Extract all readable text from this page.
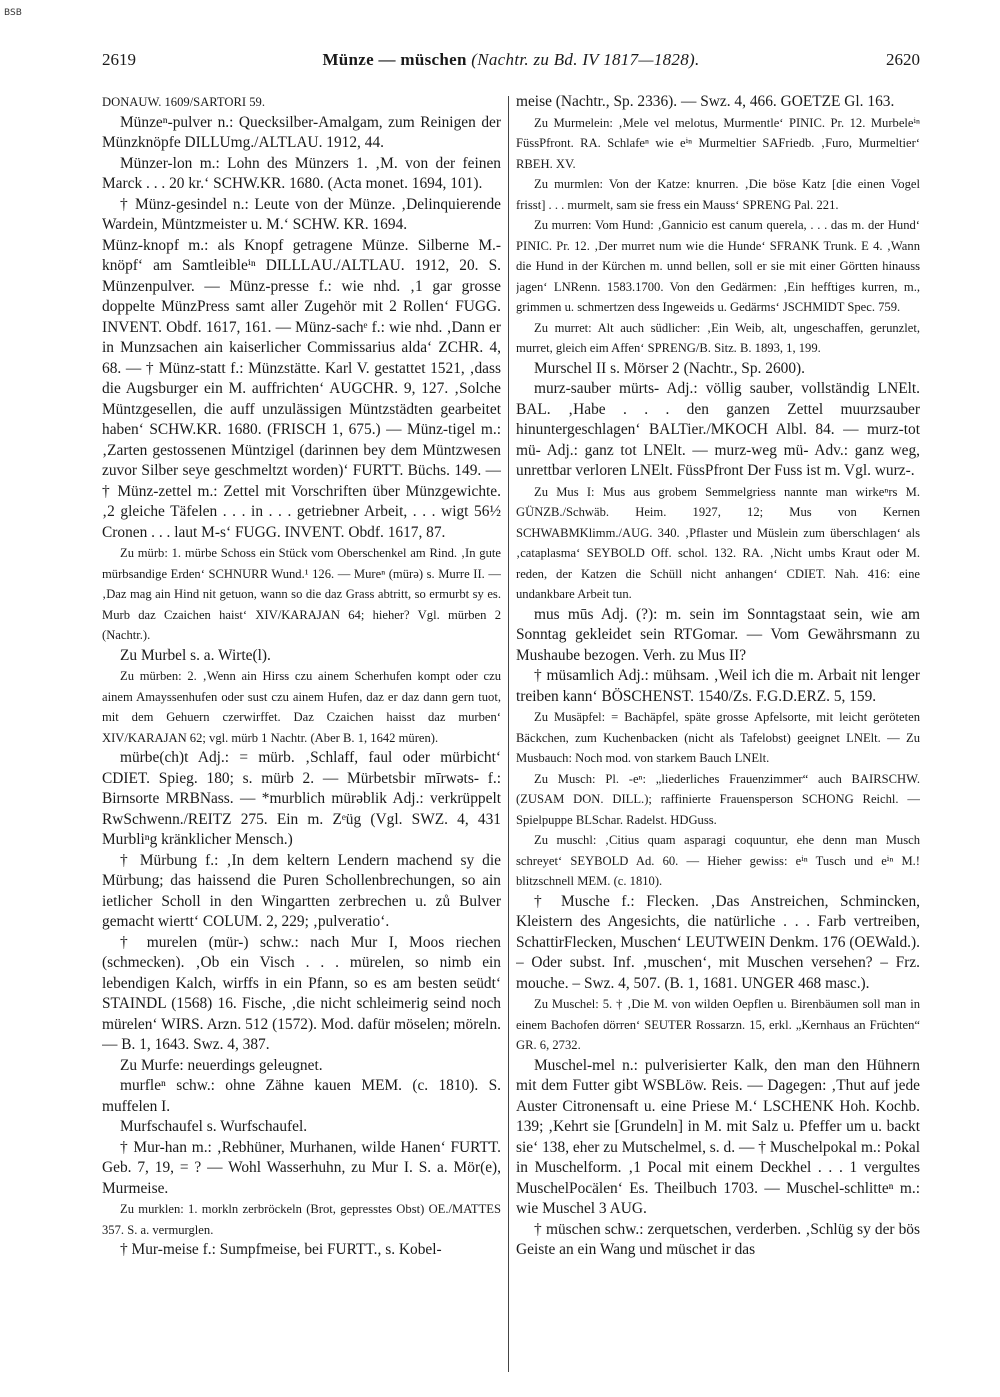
BSB
2619	Münze — müschen (Nachtr. zu Bd. IV 1817—1828).	2620

DONAUW. 1609/SARTORI 59.

Münzeⁿ-pulver n.: Quecksilber-Amalgam, zum Reinigen der Münzknöpfe DILLUmg./ALTLAU. 1912, 44.

Münzer-lon m.: Lohn des Münzers 1. ‚M. von der feinen Marck . . . 20 kr.‘ SCHW.KR. 1680. (Acta monet. 1694, 101).

† Münz-gesindel n.: Leute von der Münze. ‚Delinquierende Wardein, Müntzmeister u. M.‘ SCHW. KR. 1694.

Münz-knopf m.: als Knopf getragene Münze. Silberne M.-knöpf‘ am Samtleibleⁱⁿ DILLLAU./ALTLAU. 1912, 20. S. Münzenpulver. — Münz-presse f.: wie nhd. ‚1 gar grosse doppelte MünzPress samt aller Zugehör mit 2 Rollen‘ FUGG. INVENT. Obdf. 1617, 161. — Münz-sachᵉ f.: wie nhd. ‚Dann er in Munzsachen ain kaiserlicher Commissarius alda‘ ZCHR. 4, 68. — † Münz-statt f.: Münzstätte. Karl V. gestattet 1521, ‚dass die Augsburger ein M. auffrichten‘ AUGCHR. 9, 127. ‚Solche Müntzgesellen, die auff unzulässigen Müntzstädten gearbeitet haben‘ SCHW.KR. 1680. (FRISCH 1, 675.) — Münz-tigel m.: ‚Zarten gestossenen Müntzigel (darinnen bey dem Müntzwesen zuvor Silber seye geschmeltzt worden)‘ FURTT. Büchs. 149. — † Münz-zettel m.: Zettel mit Vorschriften über Münzgewichte. ‚2 gleiche Täfelen . . . in . . . getriebner Arbeit, . . . wigt 56½ Cronen . . . laut M-s‘ FUGG. INVENT. Obdf. 1617, 87.

Zu mürb: 1. mürbe Schoss ein Stück vom Oberschenkel am Rind. ‚In gute mürbsandige Erden‘ SCHNURR Wund.¹ 126. — Mureⁿ (mürə) s. Murre II. — ‚Daz mag ain Hind nit getuon, wann so die daz Grass abtritt, so ermurbt sy es. Murb daz Czaichen haist‘ XIV/KARAJAN 64; hieher? Vgl. mürben 2 (Nachtr.).

Zu Murbel s. a. Wirte(l).

Zu mürben: 2. ‚Wenn ain Hirss czu ainem Scherhufen kompt oder czu ainem Amayssenhufen oder sust czu ainem Hufen, daz er daz dann gern tuot, mit dem Gehuern czerwirffet. Daz Czaichen haisst daz murben‘ XIV/KARAJAN 62; vgl. mürb 1 Nachtr. (Aber B. 1, 1642 müren).

mürbe(ch)t Adj.: = mürb. ‚Schlaff, faul oder mürbicht‘ CDIET. Spieg. 180; s. mürb 2. — Mürbetsbir mīrwəts- f.: Birnsorte MRBNass. — *murblich mürəblik Adj.: verkrüppelt RwSchwenn./REITZ 275. Ein m. Zᵉüg (Vgl. SWZ. 4, 431 Murbliⁿg kränklicher Mensch.)

† Mürbung f.: ‚In dem keltern Lendern machend sy die Mürbung; das haissend die Puren Schollenbrechungen, so ain ietlicher Scholl in den Wingartten zerbrechen u. zů Bulver gemacht wiertt‘ COLUM. 2, 229; ‚pulveratio‘.

† murelen (mür-) schw.: nach Mur I, Moos riechen (schmecken). ‚Ob ein Visch . . . mürelen, so nimb ein lebendigen Kalch, wirffs in ein Pfann, so es am besten seüdt‘ STAINDL (1568) 16. Fische, ‚die nicht schleimerig seind noch mürelen‘ WIRS. Arzn. 512 (1572). Mod. dafür möselen; möreln. — B. 1, 1643. Swz. 4, 387.

Zu Murfe: neuerdings geleugnet.

murfleⁿ schw.: ohne Zähne kauen MEM. (c. 1810). S. muffelen I.

Murfschaufel s. Wurfschaufel.

† Mur-han m.: ‚Rebhüner, Murhanen, wilde Hanen‘ FURTT. Geb. 7, 19, = ? — Wohl Wasserhuhn, zu Mur I. S. a. Mör(e), Murmeise.

Zu murklen: 1. morkln zerbröckeln (Brot, gepresstes Obst) OE./MATTES 357. S. a. vermurglen.

† Mur-meise f.: Sumpfmeise, bei FURTT., s. Kobel-

meise (Nachtr., Sp. 2336). — Swz. 4, 466. GOETZE Gl. 163.

Zu Murmelein: ‚Mele vel melotus, Murmentle‘ PINIC. Pr. 12. Murbeleⁱⁿ FüssPfront. RA. Schlafeⁿ wie eⁱⁿ Murmeltier SAFriedb. ‚Furo, Murmeltier‘ RBEH. XV.

Zu murmlen: Von der Katze: knurren. ‚Die böse Katz [die einen Vogel frisst] . . . murmelt, sam sie fress ein Mauss‘ SPRENG Pal. 221.

Zu murren: Vom Hund: ‚Gannicio est canum querela, . . . das m. der Hund‘ PINIC. Pr. 12. ‚Der murret num wie die Hunde‘ SFRANK Trunk. E 4. ‚Wann die Hund in der Kürchen m. unnd bellen, soll er sie mit einer Görtten hinauss jagen‘ LNRenn. 1583.1700. Von den Gedärmen: ‚Ein hefftiges kurren, m., grimmen u. schmertzen dess Ingeweids u. Gedärms‘ JSCHMIDT Spec. 759.

Zu murret: Alt auch südlicher: ‚Ein Weib, alt, ungeschaffen, gerunzlet, murret, gleich eim Affen‘ SPRENG/B. Sitz. B. 1893, 1, 199.

Murschel II s. Mörser 2 (Nachtr., Sp. 2600).

murz-sauber mürts- Adj.: völlig sauber, vollständig LNElt. BAL. ‚Habe . . . den ganzen Zettel muurzsauber hinuntergeschlagen‘ BALTier./MKOCH Albl. 84. — murz-tot mü- Adj.: ganz tot LNElt. — murz-weg mü- Adv.: ganz weg, unrettbar verloren LNElt. FüssPfront Der Fuss ist m. Vgl. wurz-.

Zu Mus I: Mus aus grobem Semmelgriess nannte man wirkeⁿrs M. GÜNZB./Schwäb. Heim. 1927, 12; Mus von Kernen SCHWABMKlimm./AUG. 340. ‚Pflaster und Müslein zum überschlagen‘ als ‚cataplasma‘ SEYBOLD Off. schol. 132. RA. ‚Nicht umbs Kraut oder M. reden, der Katzen die Schüll nicht anhangen‘ CDIET. Nah. 416: eine undankbare Arbeit tun.

mus mūs Adj. (?): m. sein im Sonntagstaat sein, wie am Sonntag gekleidet sein RTGomar. — Vom Gewährsmann zu Mushaube bezogen. Verh. zu Mus II?

† müsamlich Adj.: mühsam. ‚Weil ich die m. Arbait nit lenger treiben kann‘ BÖSCHENST. 1540/Zs. F.G.D.ERZ. 5, 159.

Zu Musäpfel: = Bachäpfel, späte grosse Apfelsorte, mit leicht geröteten Bäckchen, zum Kuchenbacken (nicht als Tafelobst) geeignet LNElt. — Zu Musbauch: Noch mod. von starkem Bauch LNElt.

Zu Musch: Pl. -eⁿ: „liederliches Frauenzimmer“ auch BAIRSCHW. (ZUSAM DON. DILL.); raffinierte Frauensperson SCHONG Reichl. — Spielpuppe BLSchar. Radelst. HDGuss.

Zu muschl: ‚Citius quam asparagi coquuntur, ehe denn man Musch schreyet‘ SEYBOLD Ad. 60. — Hieher gewiss: eⁱⁿ Tusch und eⁱⁿ M.! blitzschnell MEM. (c. 1810).

† Musche f.: Flecken. ‚Das Anstreichen, Schmincken, Kleistern des Angesichts, die natürliche . . . Farb vertreiben, SchattirFlecken, Muschen‘ LEUTWEIN Denkm. 176 (OEWald.). – Oder subst. Inf. ‚muschen‘, mit Muschen versehen? – Frz. mouche. – Swz. 4, 507. (B. 1, 1681. UNGER 468 masc.).

Zu Muschel: 5. † ‚Die M. von wilden Oepflen u. Birenbäumen soll man in einem Bachofen dörren‘ SEUTER Rossarzn. 15, erkl. „Kernhaus an Früchten“ GR. 6, 2732.

Muschel-mel n.: pulverisierter Kalk, den man den Hühnern mit dem Futter gibt WSBLöw. Reis. — Dagegen: ‚Thut auf jede Auster Citronensaft u. eine Priese M.‘ LSCHENK Hoh. Kochb. 139; ‚Kehrt sie [Grundeln] in M. mit Salz u. Pfeffer um u. backt sie‘ 138, eher zu Mutschelmel, s. d. — † Muschelpokal m.: Pokal in Muschelform. ‚1 Pocal mit einem Deckhel . . . 1 vergultes MuschelPocälen‘ Es. Theilbuch 1703. — Muschel-schlitteⁿ m.: wie Muschel 3 AUG.

† müschen schw.: zerquetschen, verderben. ‚Schlüg sy der bös Geiste an ein Wang und müschet ir das
